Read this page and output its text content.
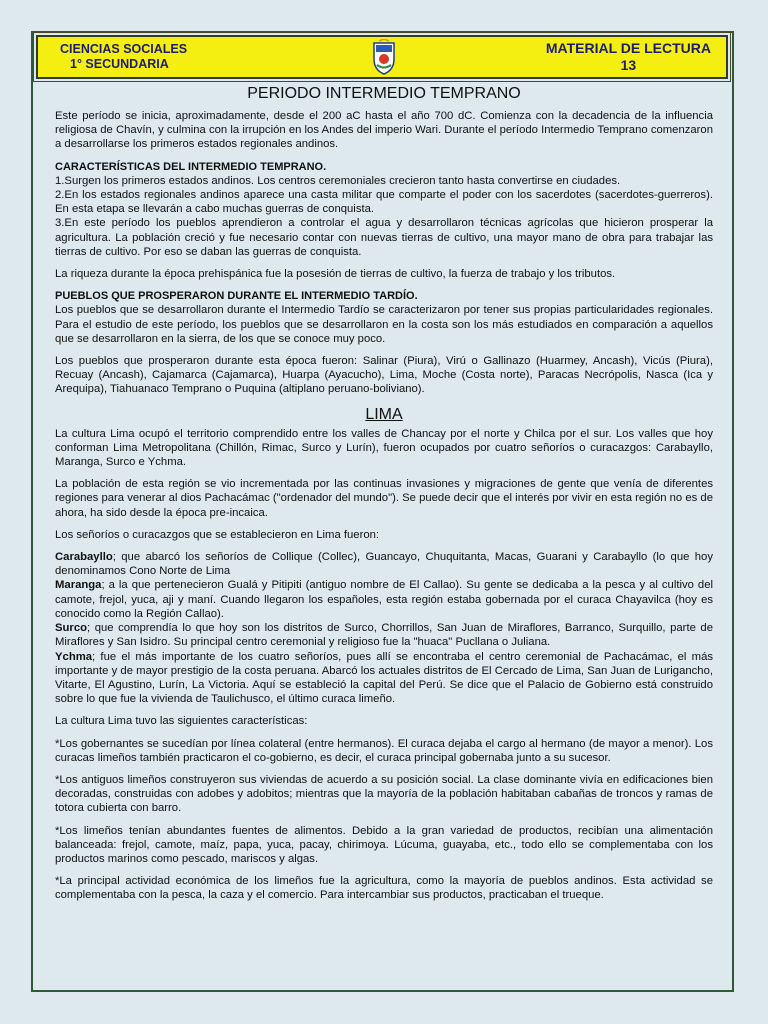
CIENCIAS SOCIALES
1° SECUNDARIA
MATERIAL DE LECTURA
13
PERIODO INTERMEDIO TEMPRANO

Este período se inicia, aproximadamente, desde el 200 aC hasta el año 700 dC. Comienza con la decadencia de la influencia religiosa de Chavín, y culmina con la irrupción en los Andes del imperio Wari. Durante el período Intermedio Temprano comenzaron a desarrollarse los primeros estados regionales andinos.

CARACTERÍSTICAS DEL INTERMEDIO TEMPRANO.

1.Surgen los primeros estados andinos. Los centros ceremoniales crecieron tanto hasta convertirse en ciudades.

2.En los estados regionales andinos aparece una casta militar que comparte el poder con los sacerdotes (sacerdotes-guerreros). En esta etapa se llevarán a cabo muchas guerras de conquista.

3.En este período los pueblos aprendieron a controlar el agua y desarrollaron técnicas agrícolas que hicieron prosperar la agricultura. La población creció y fue necesario contar con nuevas tierras de cultivo, una mayor mano de obra para trabajar las tierras de cultivo. Por eso se daban las guerras de conquista.

La riqueza durante la época prehispánica fue la posesión de tierras de cultivo, la fuerza de trabajo y los tributos.

PUEBLOS QUE PROSPERARON DURANTE EL INTERMEDIO TARDÍO.

Los pueblos que se desarrollaron durante el Intermedio Tardío se caracterizaron por tener sus propias particularidades regionales. Para el estudio de este período, los pueblos que se desarrollaron en la costa son los más estudiados en comparación a aquellos que se desarrollaron en la sierra, de los que se conoce muy poco.

Los pueblos que prosperaron durante esta época fueron: Salinar (Piura), Virú o Gallinazo (Huarmey, Ancash), Vicús (Piura), Recuay (Ancash), Cajamarca (Cajamarca), Huarpa (Ayacucho), Lima, Moche (Costa norte), Paracas Necrópolis, Nasca (Ica y Arequipa), Tiahuanaco Temprano o Puquina (altiplano peruano-boliviano).

LIMA

La cultura Lima ocupó el territorio comprendido entre los valles de Chancay por el norte y Chilca por el sur. Los valles que hoy conforman Lima Metropolitana (Chillón, Rimac, Surco y Lurín), fueron ocupados por cuatro señoríos o curacazgos: Carabayllo, Maranga, Surco e Ychma.

La población de esta región se vio incrementada por las continuas invasiones y migraciones de gente que venía de diferentes regiones para venerar al dios Pachacámac ("ordenador del mundo"). Se puede decir que el interés por vivir en esta región no es de ahora, ha sido desde la época pre-incaica.

Los señoríos o curacazgos que se establecieron en Lima fueron:

Carabayllo; que abarcó los señoríos de Collique (Collec), Guancayo, Chuquitanta, Macas, Guarani y Carabayllo (lo que hoy denominamos Cono Norte de Lima

Maranga; a la que pertenecieron Gualá y Pitipiti (antiguo nombre de El Callao). Su gente se dedicaba a la pesca y al cultivo del camote, frejol, yuca, aji y maní. Cuando llegaron los españoles, esta región estaba gobernada por el curaca Chayavilca (hoy es conocido como la Región Callao).

Surco; que comprendía lo que hoy son los distritos de Surco, Chorrillos, San Juan de Miraflores, Barranco, Surquillo, parte de Miraflores y San Isidro. Su principal centro ceremonial y religioso fue la "huaca" Pucllana o Juliana.

Ychma; fue el más importante de los cuatro señoríos, pues allí se encontraba el centro ceremonial de Pachacámac, el más importante y de mayor prestigio de la costa peruana. Abarcó los actuales distritos de El Cercado de Lima, San Juan de Lurigancho, Vitarte, El Agustino, Lurín, La Victoria. Aquí se estableció la capital del Perú. Se dice que el Palacio de Gobierno está construido sobre lo que fue la vivienda de Taulichusco, el último curaca limeño.

La cultura Lima tuvo las siguientes características:

*Los gobernantes se sucedían por línea colateral (entre hermanos). El curaca dejaba el cargo al hermano (de mayor a menor). Los curacas limeños también practicaron el co-gobierno, es decir, el curaca principal gobernaba junto a su sucesor.

*Los antiguos limeños construyeron sus viviendas de acuerdo a su posición social. La clase dominante vivía en edificaciones bien decoradas, construidas con adobes y adobitos; mientras que la mayoría de la población habitaban cabañas de troncos y ramas de totora cubierta con barro.

*Los limeños tenían abundantes fuentes de alimentos. Debido a la gran variedad de productos, recibían una alimentación balanceada: frejol, camote, maíz, papa, yuca, pacay, chirimoya. Lúcuma, guayaba, etc., todo ello se complementaba con los productos marinos como pescado, mariscos y algas.

*La principal actividad económica de los limeños fue la agricultura, como la mayoría de pueblos andinos. Esta actividad se complementaba con la pesca, la caza y el comercio. Para intercambiar sus productos, practicaban el trueque.
